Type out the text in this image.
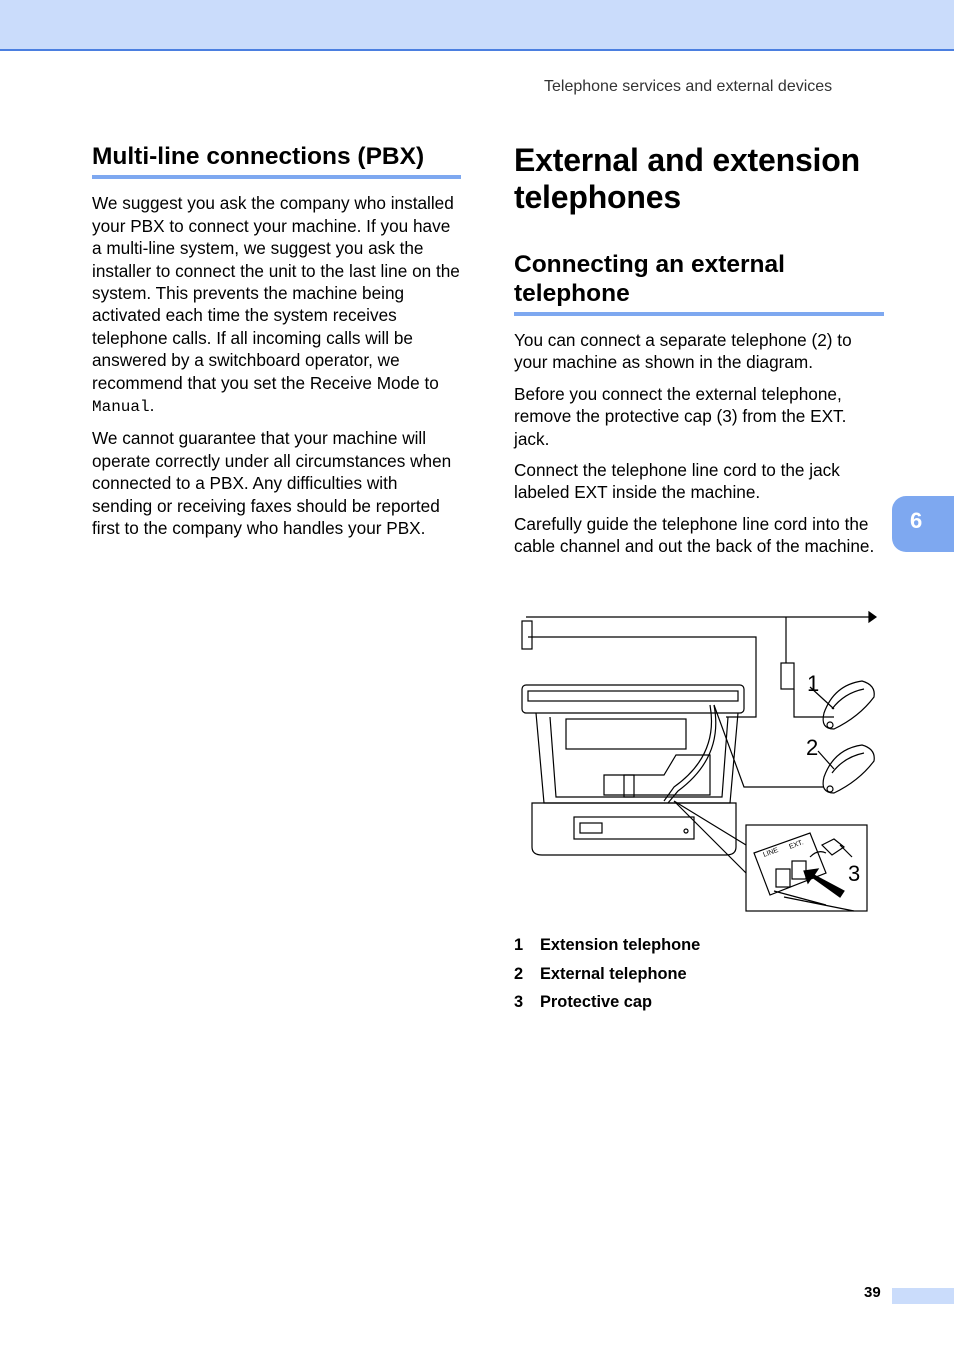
Telephone services and external devices
Multi-line connections (PBX)

We suggest you ask the company who installed your PBX to connect your machine. If you have a multi-line system, we suggest you ask the installer to connect the unit to the last line on the system. This prevents the machine being activated each time the system receives telephone calls. If all incoming calls will be answered by a switchboard operator, we recommend that you set the Receive Mode to Manual.

We cannot guarantee that your machine will operate correctly under all circumstances when connected to a PBX. Any difficulties with sending or receiving faxes should be reported first to the company who handles your PBX.

External and extension telephones
Connecting an external telephone

You can connect a separate telephone (2) to your machine as shown in the diagram.

Before you connect the external telephone, remove the protective cap (3) from the EXT. jack.

Connect the telephone line cord to the jack labeled EXT inside the machine.

Carefully guide the telephone line cord into the cable channel and out the back of the machine.

6
LINE
EXT.
1
2
3
1	Extension telephone
2	External telephone
3	Protective cap
39
